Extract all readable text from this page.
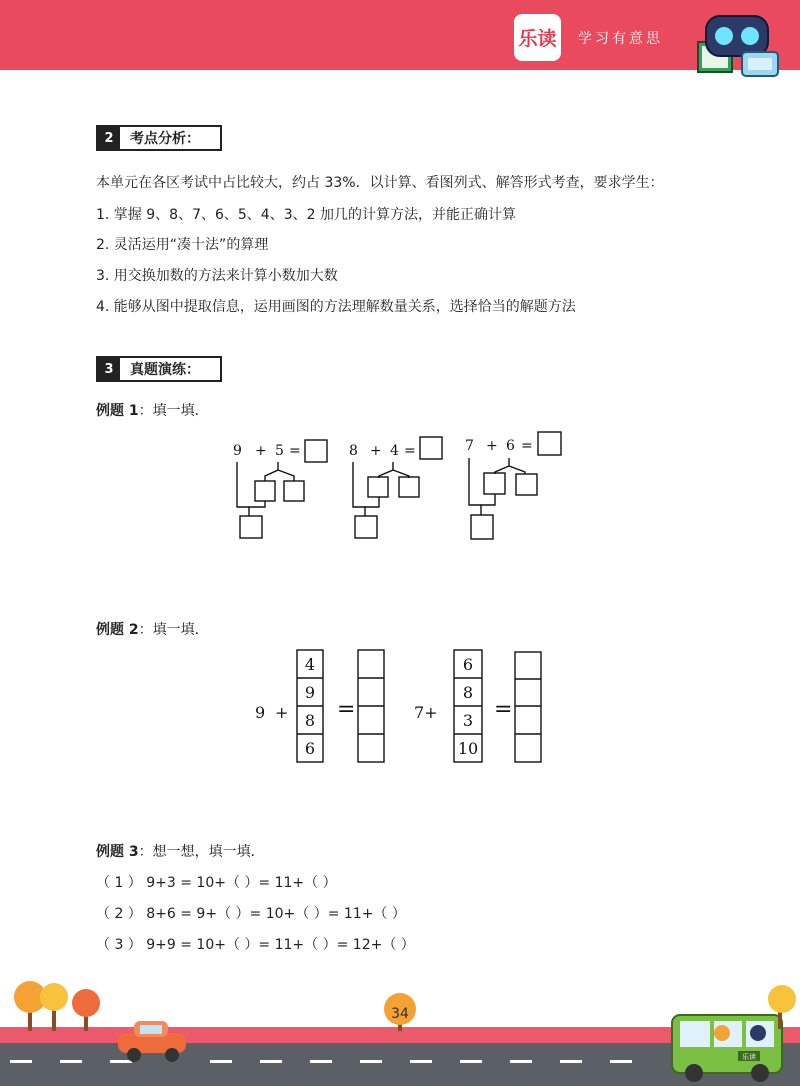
乐读 学习有意思
2	考点分析：
本单元在各区考试中占比较大，约占 33%．以计算、看图列式、解答形式考查，要求学生：
1. 掌握 9、8、7、6、5、4、3、2 加几的计算方法，并能正确计算
2. 灵活运用“凑十法”的算理
3. 用交换加数的方法来计算小数加大数
4. 能够从图中提取信息，运用画图的方法理解数量关系，选择恰当的解题方法
3	真题演练：
例题 1：填一填．
9 + 5 =	8 + 4 =	7 + 6 =
例题 2：填一填．
9 + =	7+	=
4
9
8
6
6
8
3
10
例题 3：想一想，填一填．
（ 1 ） 9+3 = 10+（ ）= 11+（ ）
（ 2 ） 8+6 = 9+（ ）= 10+（ ）= 11+（ ）
（ 3 ） 9+9 = 10+（ ）= 11+（ ）= 12+（ ）
乐读
34
